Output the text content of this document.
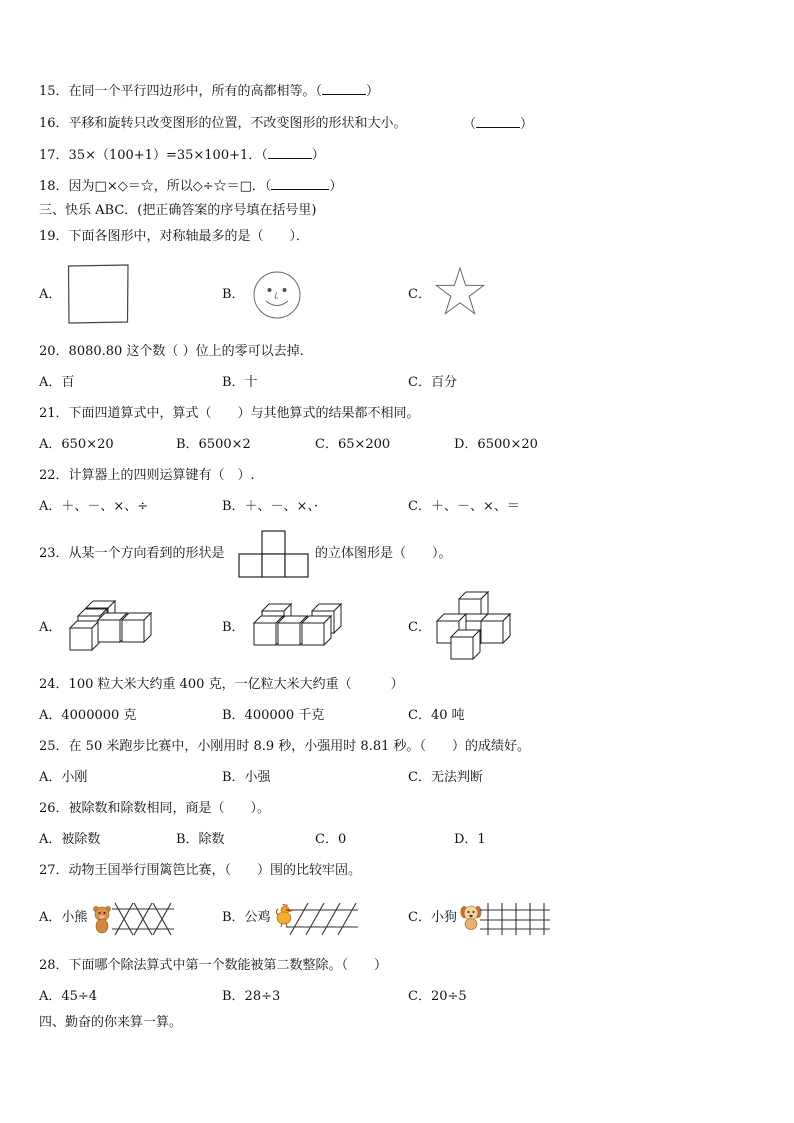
15．在同一个平行四边形中，所有的高都相等。（	）
16．平移和旋转只改变图形的位置，不改变图形的形状和大小。	（	）
17．35×（100+1）=35×100+1．（	）
18．因为□×◇＝☆，所以◇÷☆＝□．（	）
三、快乐 ABC．(把正确答案的序号填在括号里)
19．下面各图形中，对称轴最多的是（　　）．
A．	B．	C．
20．8080.80 这个数（ ）位上的零可以去掉.
A．百	B．十	C．百分
21．下面四道算式中，算式（　　）与其他算式的结果都不相同。
A．650×20	B．6500×2	C．65×200	D．6500×20
22．计算器上的四则运算键有（　）.
A．＋、－、×、÷	B．＋、－、×、·	C．＋、－、×、＝
23．从某一个方向看到的形状是	的立体图形是（　　）。
A．	B．	C．
24．100 粒大米大约重 400 克，一亿粒大米大约重（　　　）
A．4000000 克	B．400000 千克	C．40 吨
25．在 50 米跑步比赛中，小刚用时 8.9 秒，小强用时 8.81 秒。（　　）的成绩好。
A．小刚	B．小强	C．无法判断
26．被除数和除数相同，商是（　　）。
A．被除数	B．除数	C．0	D．1
27．动物王国举行围篱笆比赛，（　　）围的比较牢固。
A．小熊	B．公鸡	C．小狗
28．下面哪个除法算式中第一个数能被第二数整除。（　　）
A．45÷4	B．28÷3	C．20÷5
四、勤奋的你来算一算。
